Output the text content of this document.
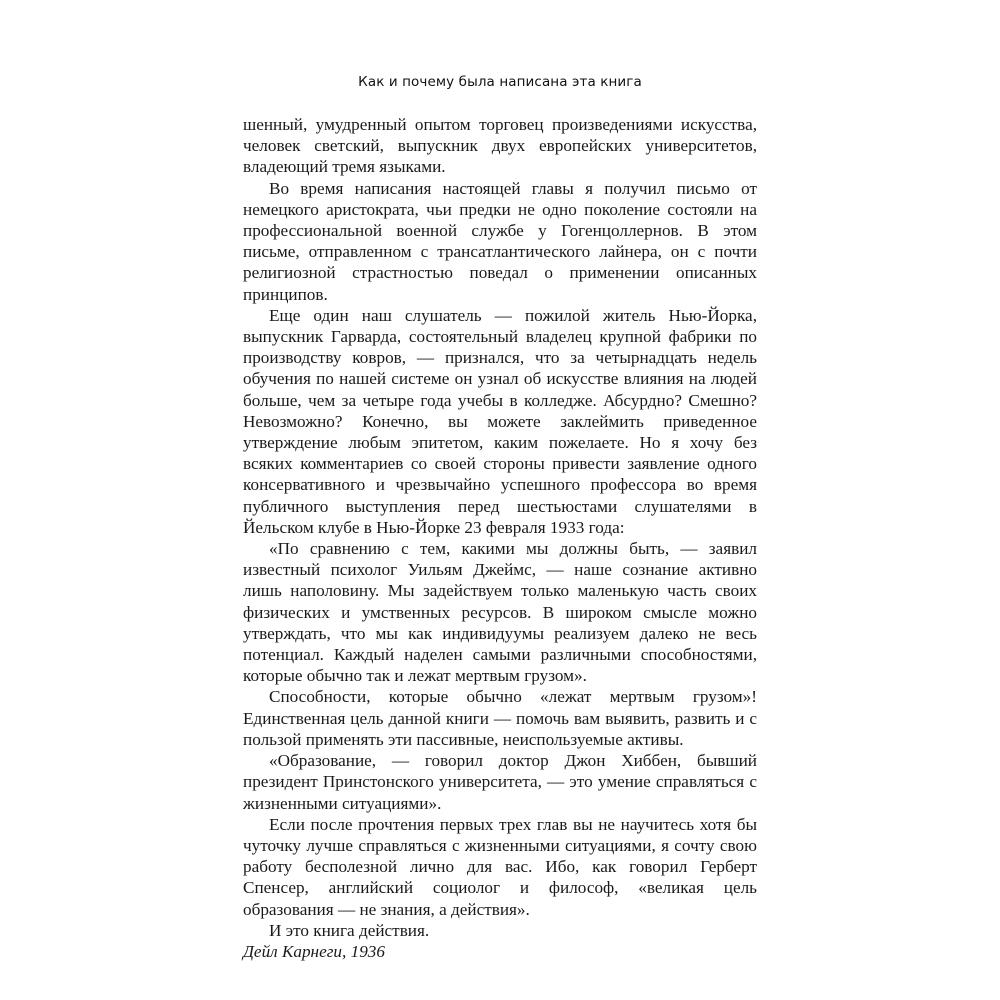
Как и почему была написана эта книга

шенный, умудренный опытом торговец произведениями искусства, человек светский, выпускник двух европейских университетов, владеющий тремя языками.

Во время написания настоящей главы я получил письмо от немецкого аристократа, чьи предки не одно поколение состояли на профессиональной военной службе у Гогенцоллернов. В этом письме, отправленном с трансатлантического лайнера, он с почти религиозной страстностью поведал о применении описанных принципов.

Еще один наш слушатель — пожилой житель Нью-Йорка, выпускник Гарварда, состоятельный владелец крупной фабрики по производству ковров, — признался, что за четырнадцать недель обучения по нашей системе он узнал об искусстве влияния на людей больше, чем за четыре года учебы в колледже. Абсурдно? Смешно? Невозможно? Конечно, вы можете заклеймить приведенное утверждение любым эпитетом, каким пожелаете. Но я хочу без всяких комментариев со своей стороны привести заявление одного консервативного и чрезвычайно успешного профессора во время публичного выступления перед шестьюстами слушателями в Йельском клубе в Нью-Йорке 23 февраля 1933 года:

«По сравнению с тем, какими мы должны быть, — заявил известный психолог Уильям Джеймс, — наше сознание активно лишь наполовину. Мы задействуем только маленькую часть своих физических и умственных ресурсов. В широком смысле можно утверждать, что мы как индивидуумы реализуем далеко не весь потенциал. Каждый наделен самыми различными способностями, которые обычно так и лежат мертвым грузом».

Способности, которые обычно «лежат мертвым грузом»! Единственная цель данной книги — помочь вам выявить, развить и с пользой применять эти пассивные, неиспользуемые активы.

«Образование, — говорил доктор Джон Хиббен, бывший президент Принстонского университета, — это умение справляться с жизненными ситуациями».

Если после прочтения первых трех глав вы не научитесь хотя бы чуточку лучше справляться с жизненными ситуациями, я сочту свою работу бесполезной лично для вас. Ибо, как говорил Герберт Спенсер, английский социолог и философ, «великая цель образования — не знания, а действия».

И это книга действия.

Дейл Карнеги, 1936
